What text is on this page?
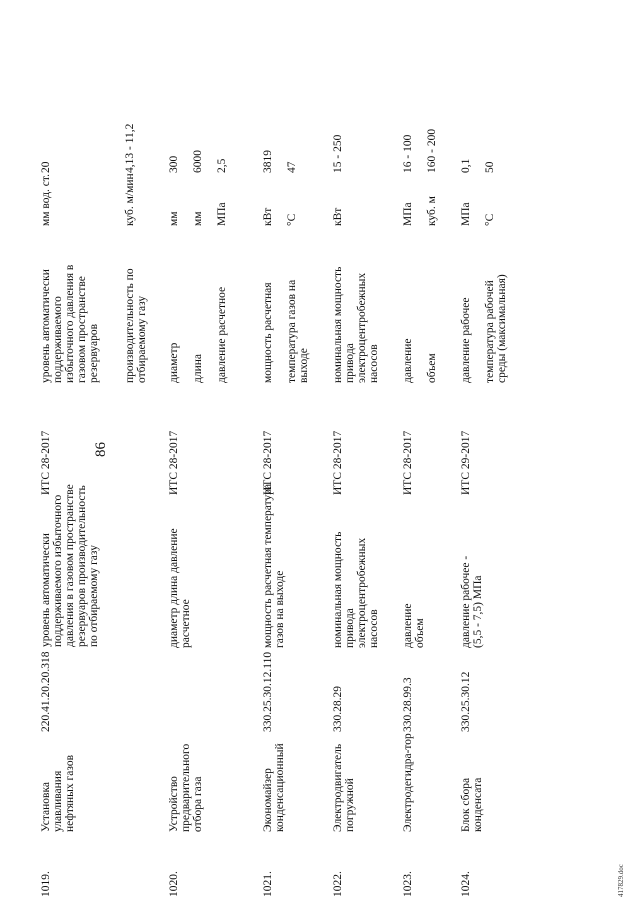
86
1019.
Установка улавливания нефтяных газов
220.41.20.20.318
уровень автоматически поддерживаемого избыточного давления в газовом пространстве резервуаров производительность по отбираемому газу
ИТС 28-2017
уровень автоматически поддерживаемого избыточного давления в газовом пространстве резервуаров
мм вод. ст.
20
производительность по отбираемому газу
куб. м/мин
4,13 - 11,2
1020.
Устройство предварительного отбора газа
диаметр длина давление расчетное
ИТС 28-2017
диаметр
мм
300
длина
мм
6000
давление расчетное
МПа
2,5
1021.
Экономайзер конденсационный
330.25.30.12.110
мощность расчетная температура газов на выходе
ИТС 28-2017
мощность расчетная
кВт
3819
температура газов на выходе
°С
47
1022.
Электродвигатель погружной
330.28.29
номинальная мощность привода электроцентробежных насосов
ИТС 28-2017
номинальная мощность привода электроцентробежных насосов
кВт
15 - 250
1023.
Электродегидра-тор
330.28.99.3
давление объем
ИТС 28-2017
давление
МПа
16 - 100
объем
куб. м
160 - 200
1024.
Блок сбора конденсата
330.25.30.12
давление рабочее - (5,5 - 7,5) МПа
ИТС 29-2017
давление рабочее
МПа
0,1
температура рабочей среды (максимальная)
°С
50
417829.doc
